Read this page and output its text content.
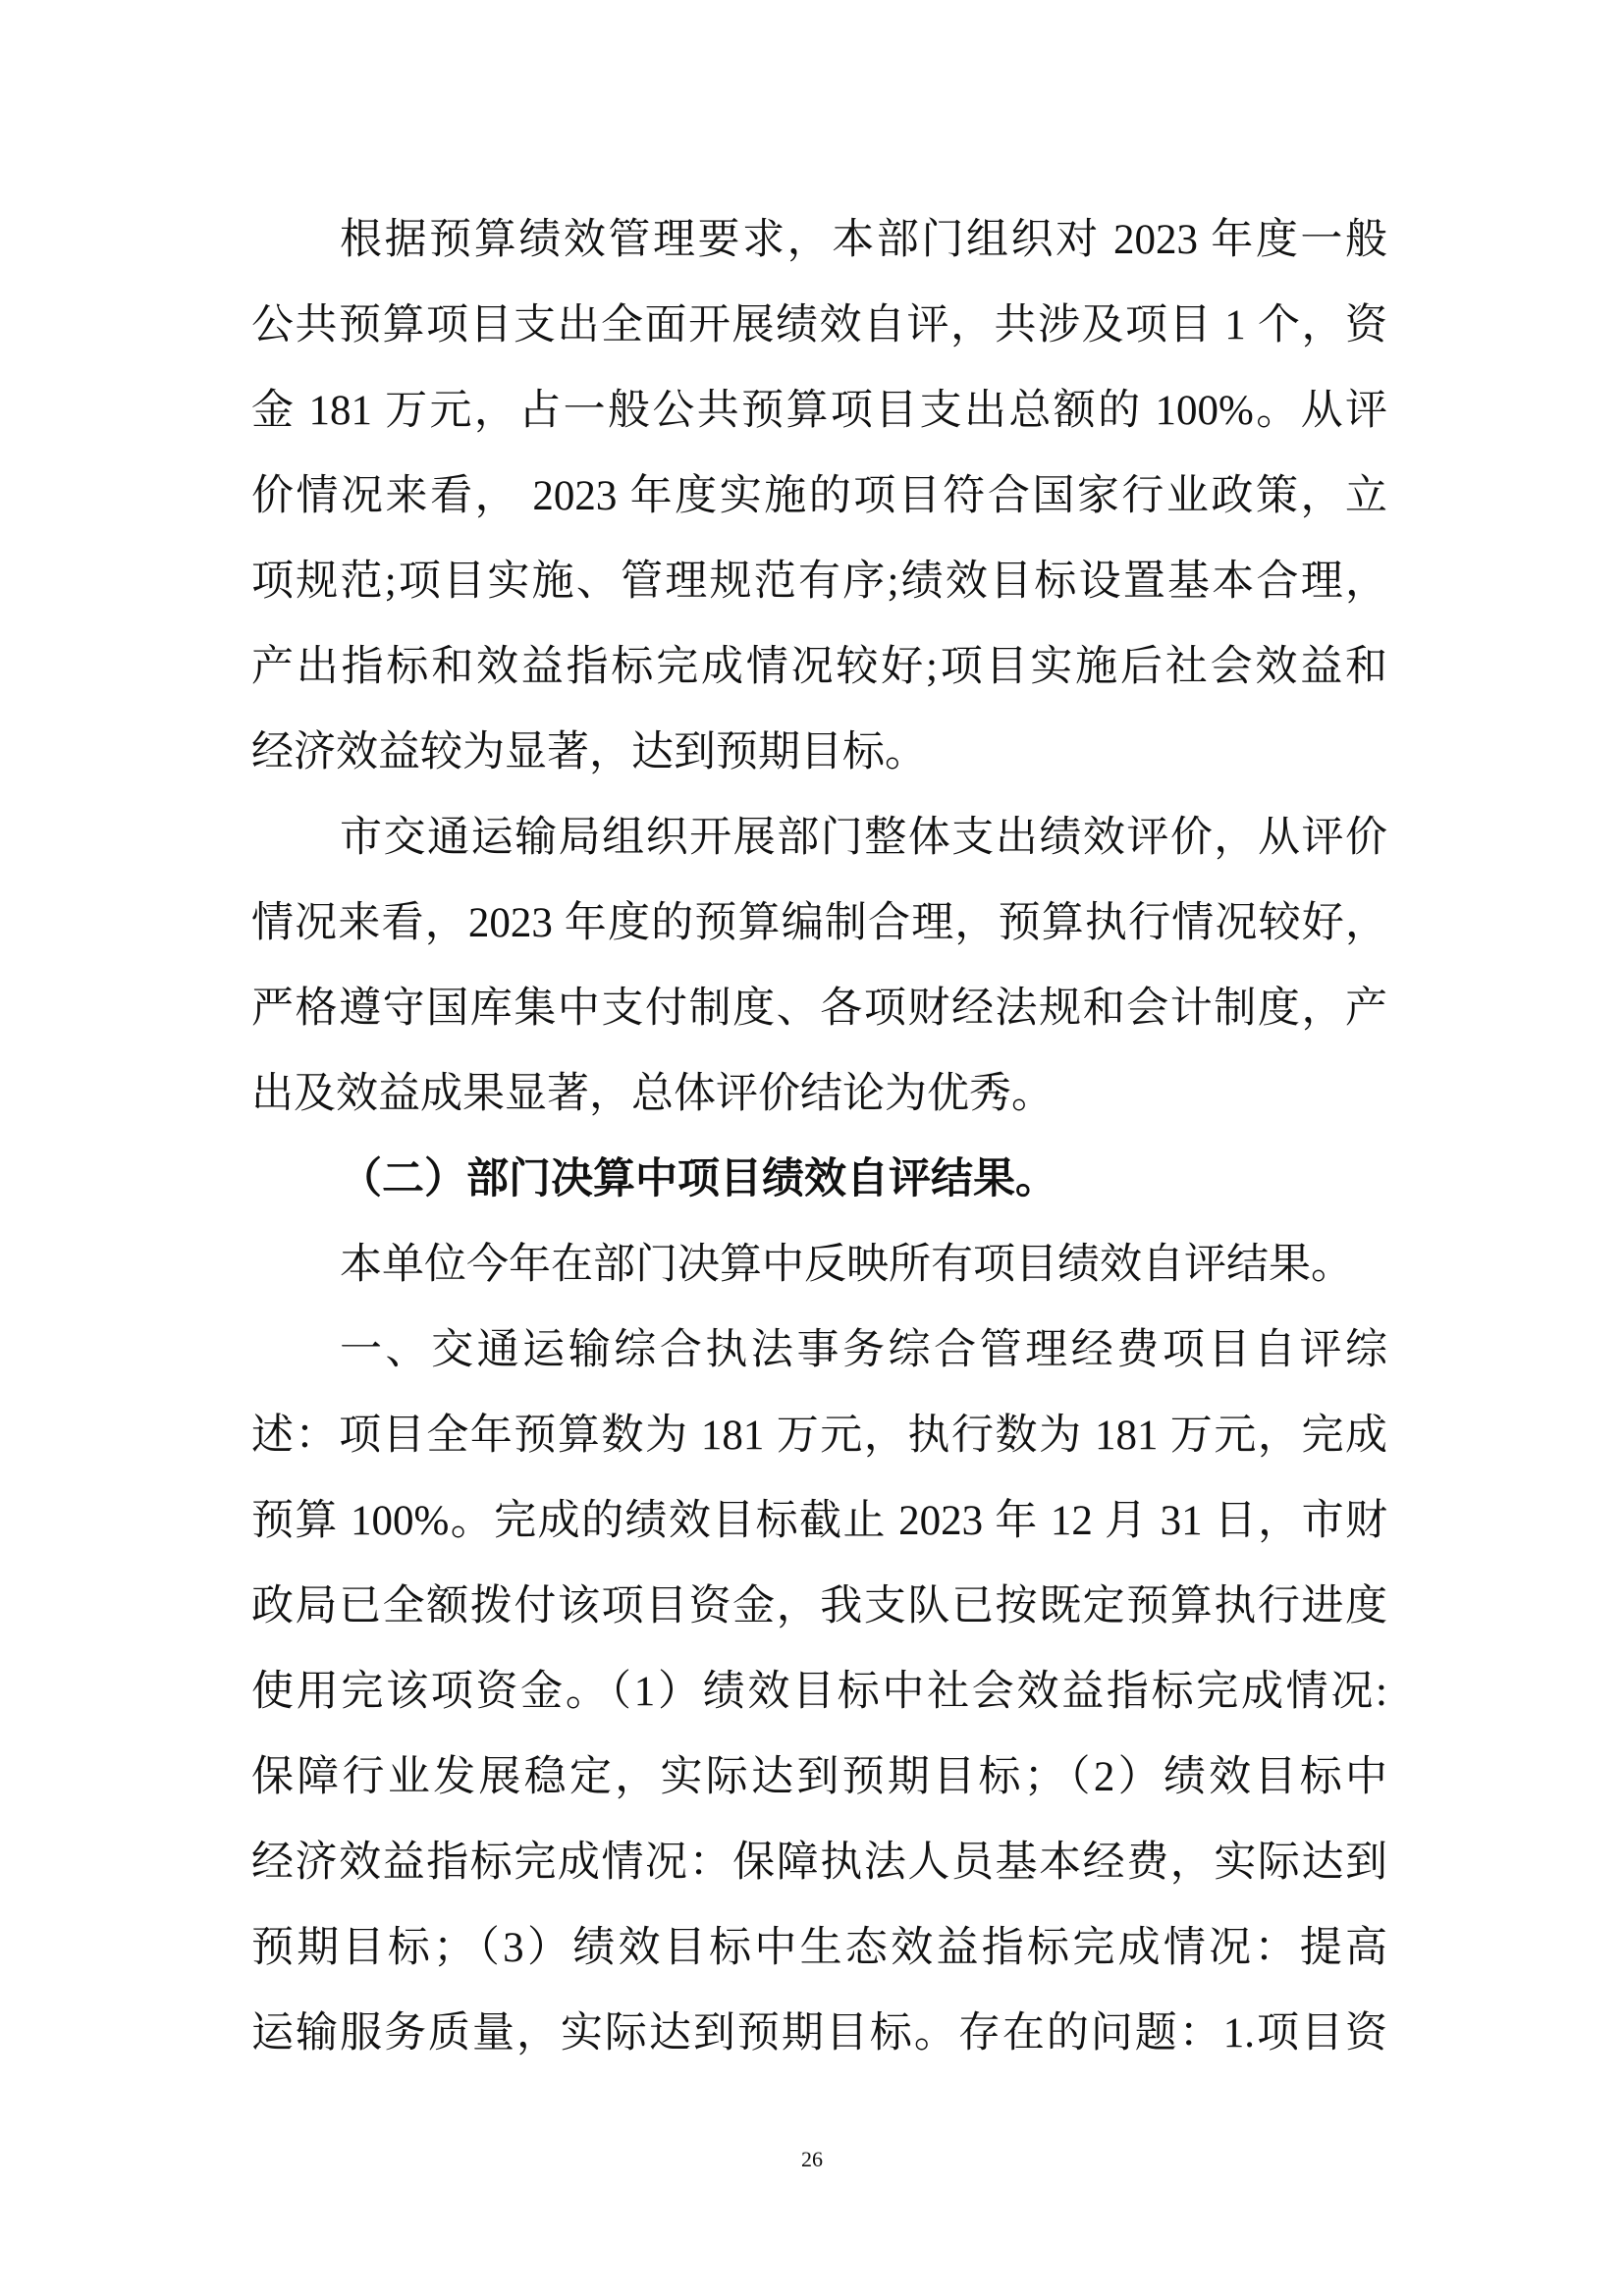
根据预算绩效管理要求，本部门组织对 2023 年度一般
公共预算项目支出全面开展绩效自评，共涉及项目 1 个，资
金 181 万元，占一般公共预算项目支出总额的 100%。从评
价情况来看， 2023 年度实施的项目符合国家行业政策，立
项规范;项目实施、管理规范有序;绩效目标设置基本合理，
产出指标和效益指标完成情况较好;项目实施后社会效益和
经济效益较为显著，达到预期目标。
市交通运输局组织开展部门整体支出绩效评价，从评价
情况来看，2023 年度的预算编制合理，预算执行情况较好，
严格遵守国库集中支付制度、各项财经法规和会计制度，产
出及效益成果显著，总体评价结论为优秀。
（二）部门决算中项目绩效自评结果。
本单位今年在部门决算中反映所有项目绩效自评结果。
一、交通运输综合执法事务综合管理经费项目自评综
述：项目全年预算数为 181 万元，执行数为 181 万元，完成
预算 100%。完成的绩效目标截止 2023 年 12 月 31 日，市财
政局已全额拨付该项目资金，我支队已按既定预算执行进度
使用完该项资金。（1）绩效目标中社会效益指标完成情况:
保障行业发展稳定，实际达到预期目标；（2）绩效目标中
经济效益指标完成情况：保障执法人员基本经费，实际达到
预期目标；（3）绩效目标中生态效益指标完成情况：提高
运输服务质量，实际达到预期目标。存在的问题：1.项目资
26
